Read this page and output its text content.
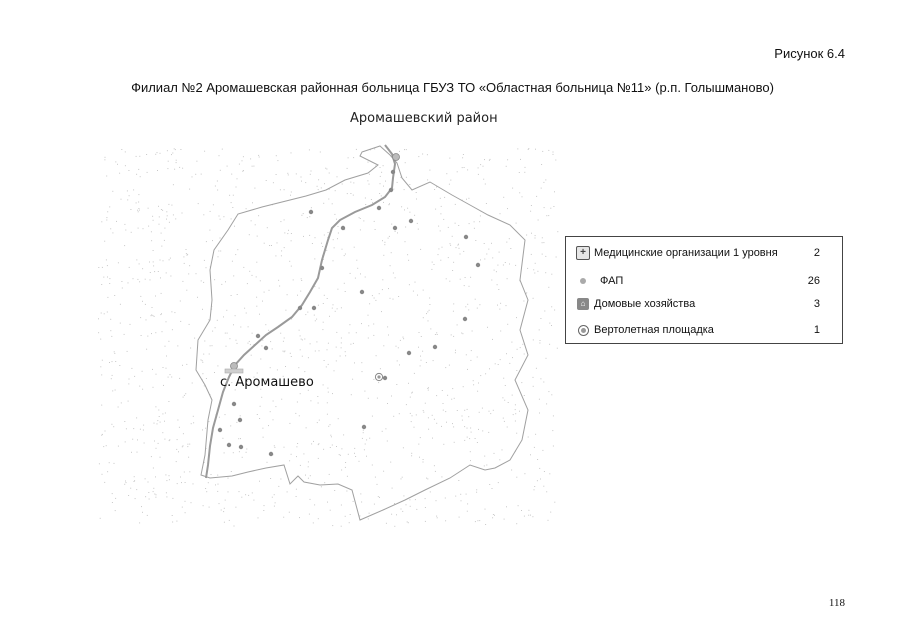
Рисунок 6.4
Филиал №2 Аромашевская районная больница ГБУЗ ТО «Областная больница №11» (р.п. Голышманово)
Аромашевский район
с. Аромашево
+ Медицинские организации 1 уровня	2
ФАП	26
⌂ Домовые хозяйства	3
Вертолетная площадка	1
118
